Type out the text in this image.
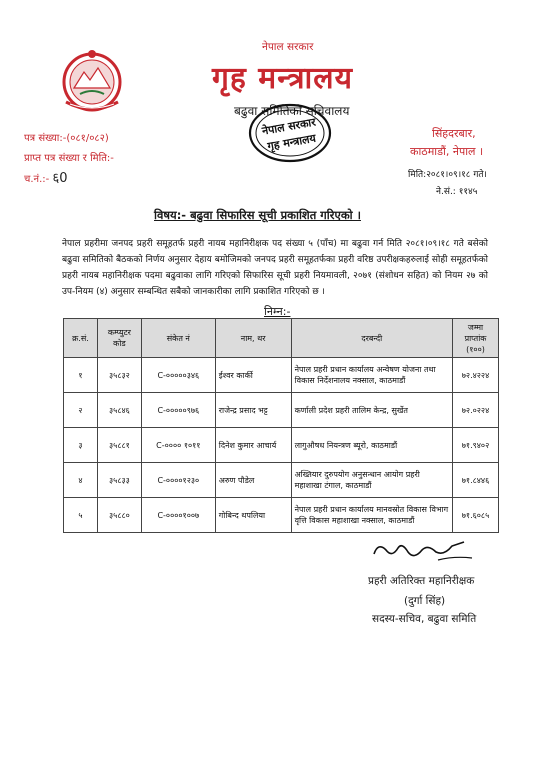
नेपाल सरकार
गृह मन्त्रालय
बढुवा समितिको सचिवालय
नेपाल सरकार
गृह मन्त्रालय
पत्र संख्या:-(०८१/०८२)
प्राप्त पत्र संख्या र मिति:-
च.नं.:- ६0
सिंहदरबार,
काठमाडौं, नेपाल ।
मिति:२०८१।०९।१८ गते।
ने.सं.: ११४५
विषय:- बढुवा सिफारिस सूची प्रकाशित गरिएको ।
नेपाल प्रहरीमा जनपद प्रहरी समूहतर्फ प्रहरी नायब महानिरीक्षक पद संख्या ५ (पाँच) मा बढुवा गर्न मिति २०८१।०९।१८ गते बसेको बढुवा समितिको बैठकको निर्णय अनुसार देहाय बमोजिमको जनपद प्रहरी समूहतर्फका प्रहरी वरिष्ठ उपरीक्षकहरुलाई सोही समूहतर्फको प्रहरी नायब महानिरीक्षक पदमा बढुवाका लागि गरिएको सिफारिस सूची प्रहरी नियमावली, २०७१ (संशोधन सहित) को नियम २७ को उप-नियम (४) अनुसार सम्बन्धित सबैको जानकारीका लागि प्रकाशित गरिएको छ ।
निम्न:-
क्र.सं.	कम्प्युटर कोड	संकेत नं	नाम, थर	दरबन्दी	जम्मा प्राप्तांक (१००)
१	३५८३२	C-०००००३४६	ईश्वर कार्की	नेपाल प्रहरी प्रधान कार्यालय अन्वेषण योजना तथा विकास निर्देशनालय नक्साल, काठमाडौं	७२.४२२४
२	३५८४६	C-०००००९७६	राजेन्द्र प्रसाद भट्ट	कर्णाली प्रदेश प्रहरी तालिम केन्द्र, सुर्खेत	७२.०२२४
३	३५८८१	C-०००० १०११	दिनेश कुमार आचार्य	लागुऔषध नियन्त्रण ब्यूरो, काठमाडौं	७१.९४०२
४	३५८३३	C-००००१२३०	अरुण पौडेल	अख्तियार दुरुपयोग अनुसन्धान आयोग प्रहरी महाशाखा टंगाल, काठमाडौं	७१.८४४६
५	३५८८०	C-००००१००७	गोबिन्द थपलिया	नेपाल प्रहरी प्रधान कार्यालय मानवस्रोत विकास विभाग वृत्ति विकास महाशाखा नक्साल, काठमाडौं	७१.६०८५
प्रहरी अतिरिक्त महानिरीक्षक
(दुर्गा सिंह)
सदस्य-सचिव, बढुवा समिति
